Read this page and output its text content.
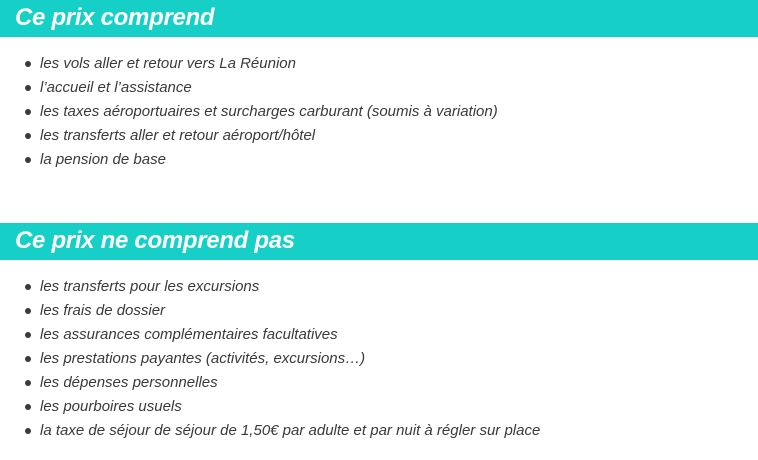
Ce prix comprend
les vols aller et retour vers La Réunion
l’accueil et l’assistance
les taxes aéroportuaires et surcharges carburant (soumis à variation)
les transferts aller et retour aéroport/hôtel
la pension de base
Ce prix ne comprend pas
les transferts pour les excursions
les frais de dossier
les assurances complémentaires facultatives
les prestations payantes (activités, excursions…)
les dépenses personnelles
les pourboires usuels
la taxe de séjour de séjour de 1,50€ par adulte et par nuit à régler sur place
